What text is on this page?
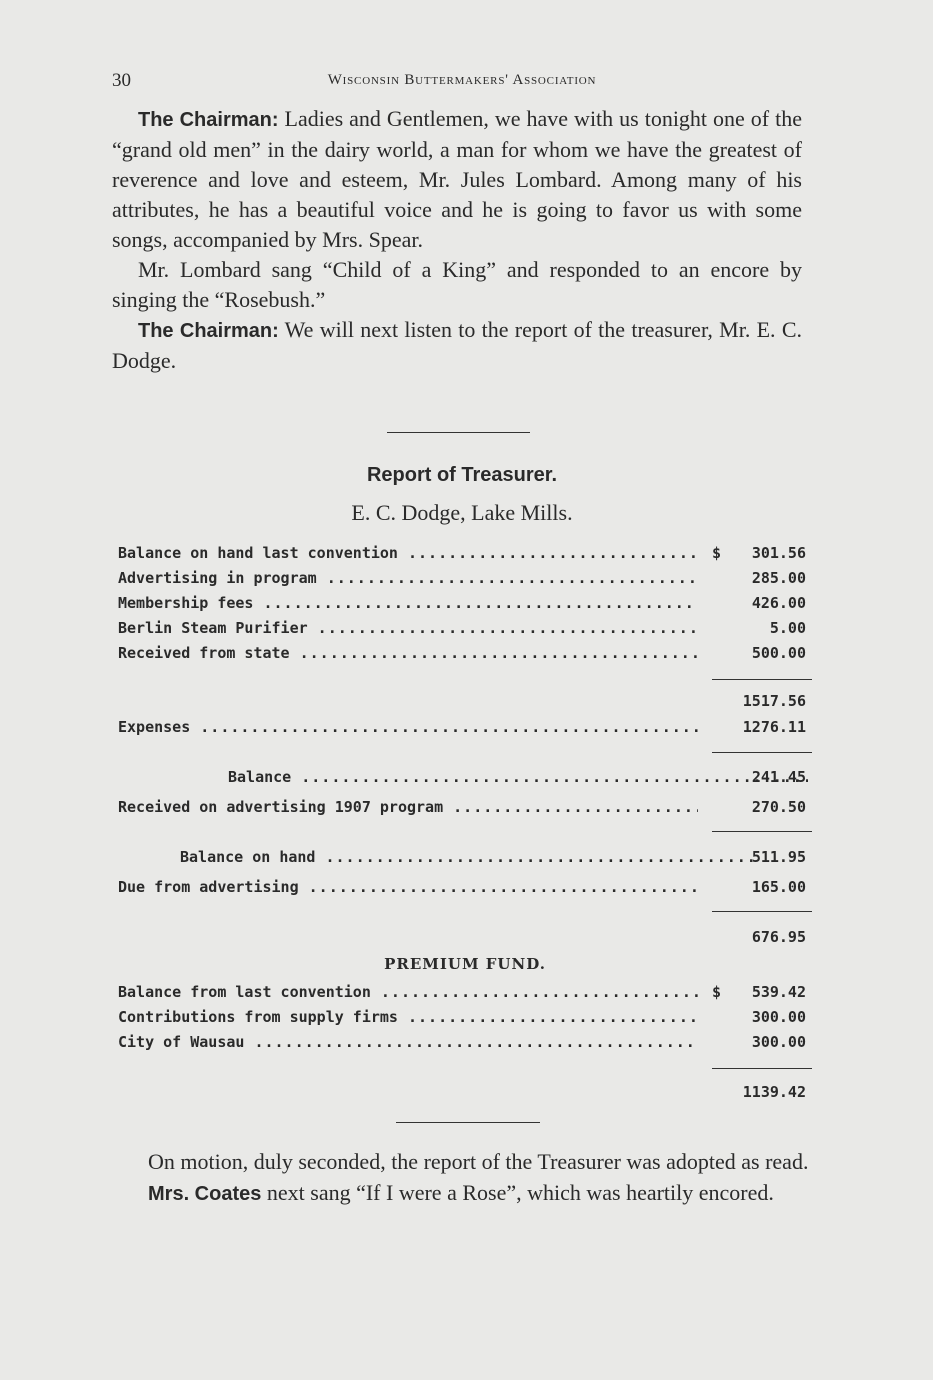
30	Wisconsin Buttermakers' Association

The Chairman: Ladies and Gentlemen, we have with us tonight one of the “grand old men” in the dairy world, a man for whom we have the greatest of reverence and love and esteem, Mr. Jules Lombard. Among many of his attributes, he has a beautiful voice and he is going to favor us with some songs, accompanied by Mrs. Spear.

Mr. Lombard sang “Child of a King” and responded to an encore by singing the “Rosebush.”

The Chairman: We will next listen to the report of the treasurer, Mr. E. C. Dodge.

Report of Treasurer.
E. C. Dodge, Lake Mills.
Balance on hand last convention .....	$ 301.56
Advertising in program .....	285.00
Membership fees .....	426.00
Berlin Steam Purifier .....	5.00
Received from state .....	500.00
1517.56
Expenses .....	1276.11
Balance .....	241.45
Received on advertising 1907 program .....	270.50
Balance on hand .....	511.95
Due from advertising .....	165.00
676.95
PREMIUM FUND.
Balance from last convention .....	$ 539.42
Contributions from supply firms .....	300.00
City of Wausau .....	300.00
1139.42

On motion, duly seconded, the report of the Treasurer was adopted as read.

Mrs. Coates next sang “If I were a Rose”, which was heartily encored.
